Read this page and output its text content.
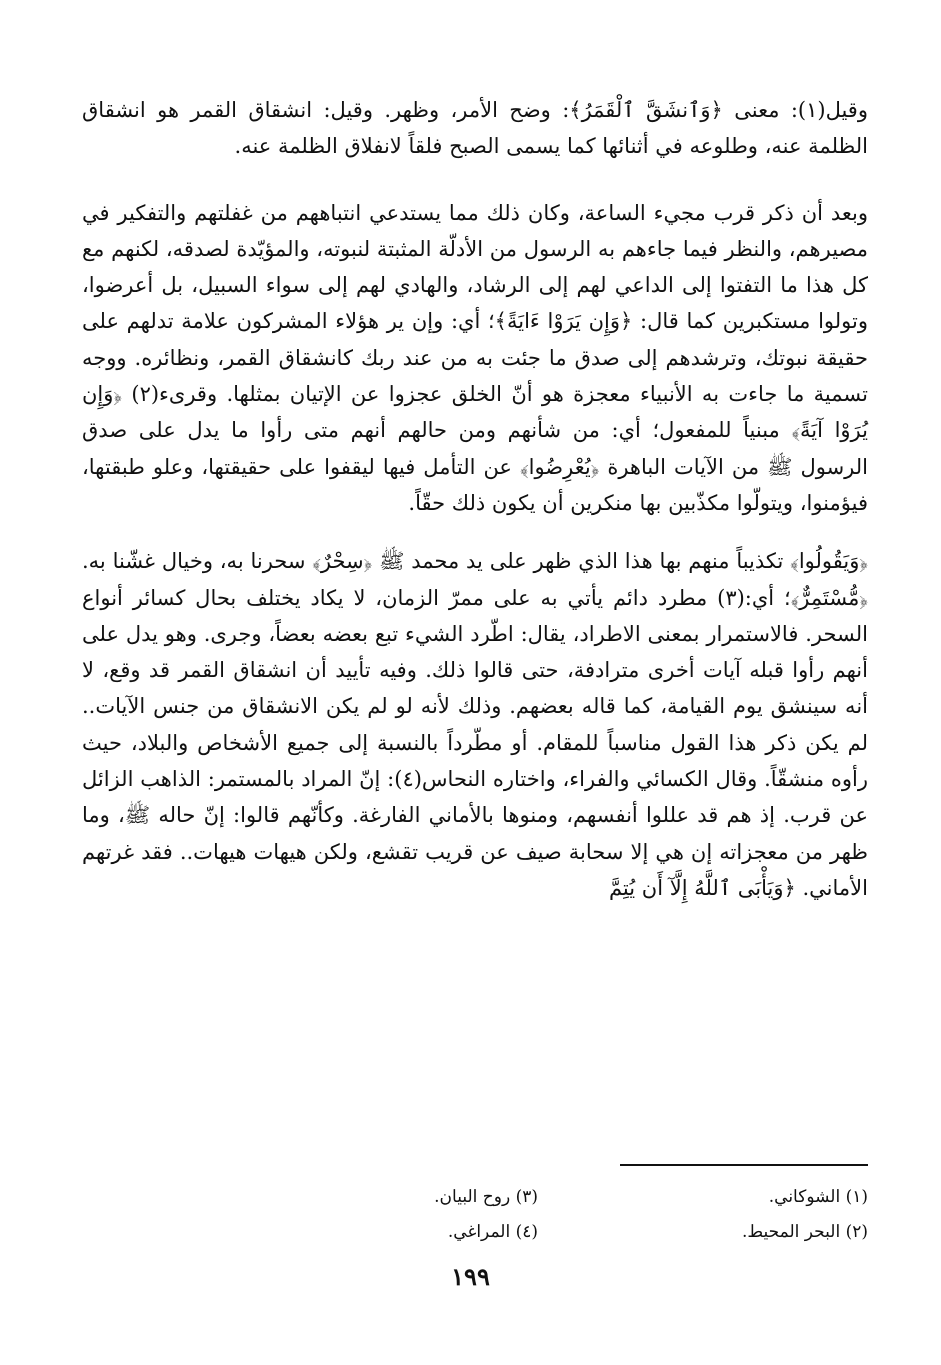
وقيل(١): معنى ﴿وَٱنشَقَّ ٱلْقَمَرُ﴾: وضح الأمر، وظهر. وقيل: انشقاق القمر هو انشقاق الظلمة عنه، وطلوعه في أثنائها كما يسمى الصبح فلقاً لانفلاق الظلمة عنه.

وبعد أن ذكر قرب مجيء الساعة، وكان ذلك مما يستدعي انتباههم من غفلتهم والتفكير في مصيرهم، والنظر فيما جاءهم به الرسول من الأدلّة المثبتة لنبوته، والمؤيّدة لصدقه، لكنهم مع كل هذا ما التفتوا إلى الداعي لهم إلى الرشاد، والهادي لهم إلى سواء السبيل، بل أعرضوا، وتولوا مستكبرين كما قال: ﴿وَإِن يَرَوْا ءَايَةً﴾؛ أي: وإن ير هؤلاء المشركون علامة تدلهم على حقيقة نبوتك، وترشدهم إلى صدق ما جئت به من عند ربك كانشقاق القمر، ونظائره. ووجه تسمية ما جاءت به الأنبياء معجزة هو أنّ الخلق عجزوا عن الإتيان بمثلها. وقرىء(٢) ﴿وَإِن يُرَوْا آيَةً﴾ مبنياً للمفعول؛ أي: من شأنهم ومن حالهم أنهم متى رأوا ما يدل على صدق الرسول ﷺ من الآيات الباهرة ﴿يُعْرِضُوا﴾ عن التأمل فيها ليقفوا على حقيقتها، وعلو طبقتها، فيؤمنوا، ويتولّوا مكذّبين بها منكرين أن يكون ذلك حقّاً.

﴿وَيَقُولُوا﴾ تكذيباً منهم بها هذا الذي ظهر على يد محمد ﷺ ﴿سِحْرٌ﴾ سحرنا به، وخيال غشّنا به. ﴿مُّسْتَمِرٌّ﴾؛ أي:(٣) مطرد دائم يأتي به على ممرّ الزمان، لا يكاد يختلف بحال كسائر أنواع السحر. فالاستمرار بمعنى الاطراد، يقال: اطّرد الشيء تبع بعضه بعضاً، وجرى. وهو يدل على أنهم رأوا قبله آيات أخرى مترادفة، حتى قالوا ذلك. وفيه تأييد أن انشقاق القمر قد وقع، لا أنه سينشق يوم القيامة، كما قاله بعضهم. وذلك لأنه لو لم يكن الانشقاق من جنس الآيات.. لم يكن ذكر هذا القول مناسباً للمقام. أو مطّرداً بالنسبة إلى جميع الأشخاص والبلاد، حيث رأوه منشقّاً. وقال الكسائي والفراء، واختاره النحاس(٤): إنّ المراد بالمستمر: الذاهب الزائل عن قرب. إذ هم قد عللوا أنفسهم، ومنوها بالأماني الفارغة. وكأنّهم قالوا: إنّ حاله ﷺ، وما ظهر من معجزاته إن هي إلا سحابة صيف عن قريب تقشع، ولكن هيهات هيهات.. فقد غرتهم الأماني. ﴿وَيَأْبَى ٱللَّهُ إِلَّآ أَن يُتِمَّ

(١) الشوكاني.
(٢) البحر المحيط.
(٣) روح البيان.
(٤) المراغي.
١٩٩
